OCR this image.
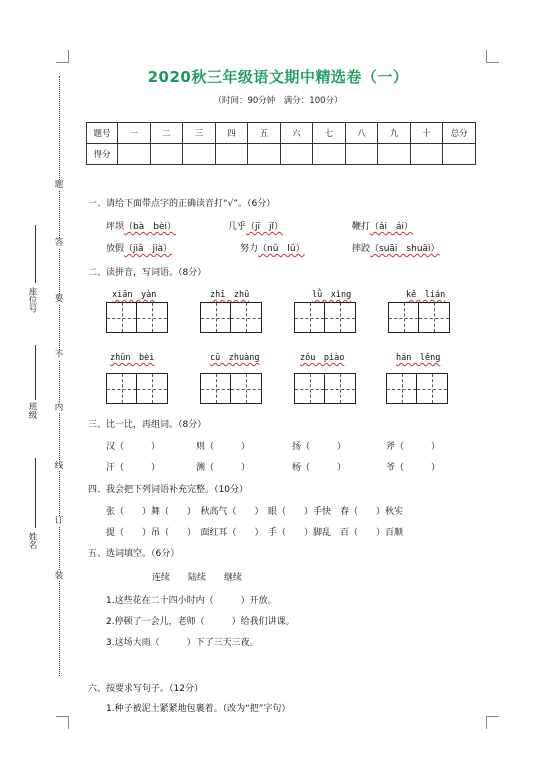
题
答
要
不
内
线
订
装
座位号
班级
姓名
2020秋三年级语文期中精选卷（一）
（时间：90分钟　满分：100分）
题号	一	二	三	四	五	六	七	八	九	十	总分
得分											
一、请给下面带点字的正确读音打“√”。（6分）
坪坝（bà　bèi）	几乎（jī　jǐ）	鞭打（ǎi　ái）
放假（jiǎ　jià）	努力（nǔ　lǔ）	摔跤（suāi　shuāi）
二、读拼音，写词语。（8分）
xiān　yàn	zhī　zhū	lǜ　xìng	kě　lián
zhūn　bèi	cū　zhuàng	zǒu　piào	hán　lěng
三、比一比，再组词。（8分）
汉（　　　）	则（　　　）	扬（　　　）	斧（　　　）
汗（　　　）	测（　　　）	杨（　　　）	爷（　　　）
四、我会把下列词语补充完整。（10分）
张（　　）舞（　　）　秋高气（　　）　眼（　　）手快　春（　　）秋实
提（　　）吊（　　）　面红耳（　　）　手（　　）脚乱　百（　　）百顺
五、选词填空。（6分）
连续　　陆续　　继续
1.这些花在二十四小时内（　　　）开放。
2.停顿了一会儿，老师（　　　）给我们讲课。
3.这场大雨（　　　）下了三天三夜。
六、按要求写句子。（12分）
1.种子被泥土紧紧地包裹着。（改为“把”字句）
